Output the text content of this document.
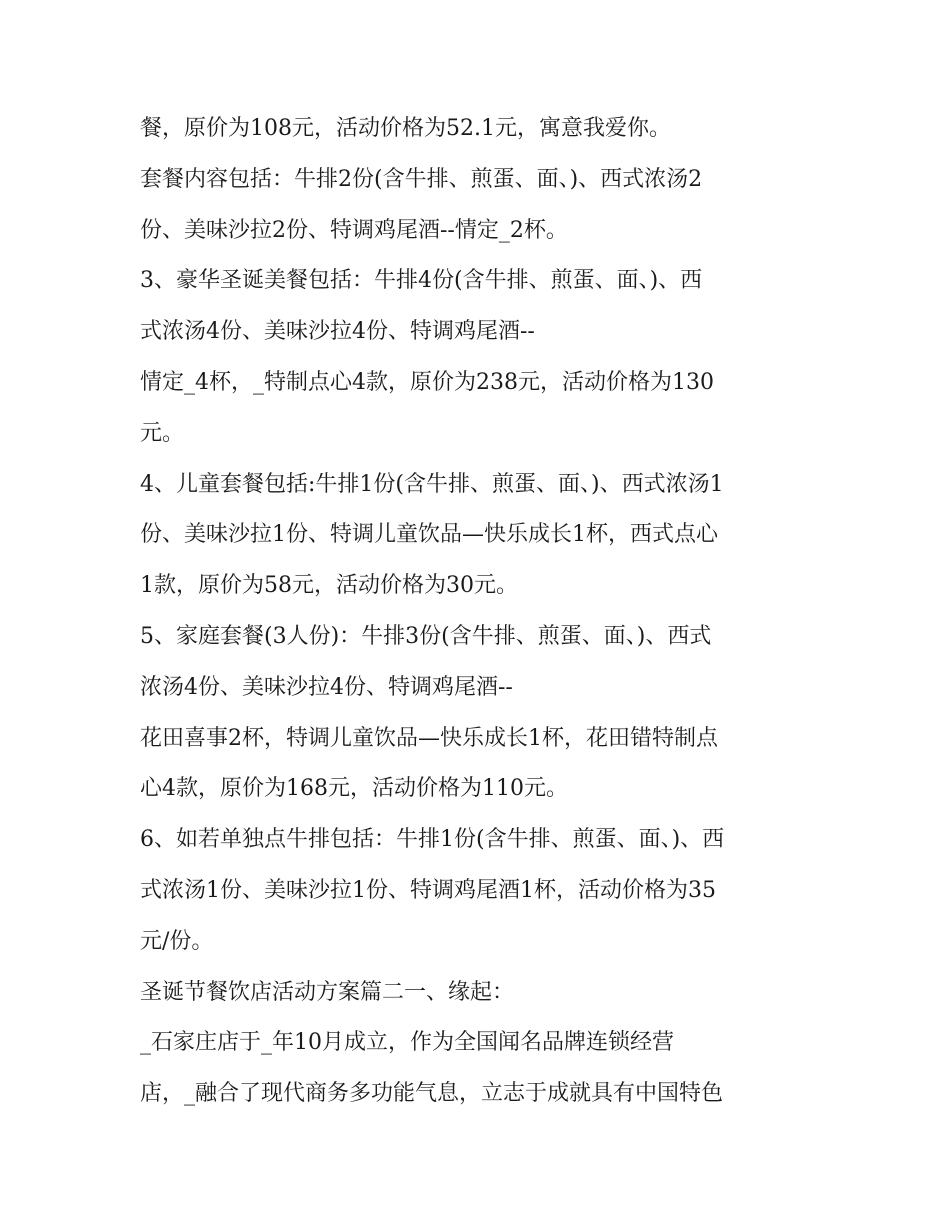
餐，原价为108元，活动价格为52.1元，寓意我爱你。
套餐内容包括：牛排2份(含牛排、煎蛋、面、)、西式浓汤2
份、美味沙拉2份、特调鸡尾酒--情定_2杯。
3、豪华圣诞美餐包括：牛排4份(含牛排、煎蛋、面、)、西
式浓汤4份、美味沙拉4份、特调鸡尾酒--
情定_4杯，_特制点心4款，原价为238元，活动价格为130
元。
4、儿童套餐包括:牛排1份(含牛排、煎蛋、面、)、西式浓汤1
份、美味沙拉1份、特调儿童饮品—快乐成长1杯，西式点心
1款，原价为58元，活动价格为30元。
5、家庭套餐(3人份)：牛排3份(含牛排、煎蛋、面、)、西式
浓汤4份、美味沙拉4份、特调鸡尾酒--
花田喜事2杯，特调儿童饮品—快乐成长1杯，花田错特制点
心4款，原价为168元，活动价格为110元。
6、如若单独点牛排包括：牛排1份(含牛排、煎蛋、面、)、西
式浓汤1份、美味沙拉1份、特调鸡尾酒1杯，活动价格为35
元/份。
圣诞节餐饮店活动方案篇二一、缘起：
_石家庄店于_年10月成立，作为全国闻名品牌连锁经营
店，_融合了现代商务多功能气息，立志于成就具有中国特色
